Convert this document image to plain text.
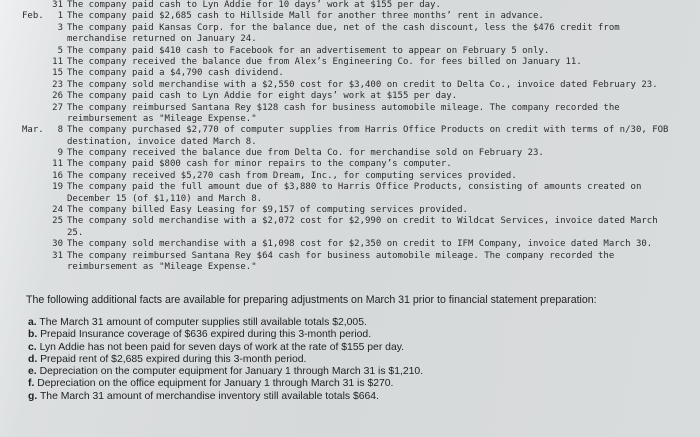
31 The company paid cash to Lyn Addie for 10 days’ work at $155 per day.
Feb.	1 The company paid $2,685 cash to Hillside Mall for another three months’ rent in advance.
3 The company paid Kansas Corp. for the balance due, net of the cash discount, less the $476 credit from
merchandise returned on January 24.
5 The company paid $410 cash to Facebook for an advertisement to appear on February 5 only.
11 The company received the balance due from Alex’s Engineering Co. for fees billed on January 11.
15 The company paid a $4,790 cash dividend.
23 The company sold merchandise with a $2,550 cost for $3,400 on credit to Delta Co., invoice dated February 23.
26 The company paid cash to Lyn Addie for eight days’ work at $155 per day.
27 The company reimbursed Santana Rey $128 cash for business automobile mileage. The company recorded the
reimbursement as "Mileage Expense."
Mar.	8 The company purchased $2,770 of computer supplies from Harris Office Products on credit with terms of n/30, FOB
destination, invoice dated March 8.
9 The company received the balance due from Delta Co. for merchandise sold on February 23.
11 The company paid $800 cash for minor repairs to the company’s computer.
16 The company received $5,270 cash from Dream, Inc., for computing services provided.
19 The company paid the full amount due of $3,880 to Harris Office Products, consisting of amounts created on
December 15 (of $1,110) and March 8.
24 The company billed Easy Leasing for $9,157 of computing services provided.
25 The company sold merchandise with a $2,072 cost for $2,990 on credit to Wildcat Services, invoice dated March
25.
30 The company sold merchandise with a $1,098 cost for $2,350 on credit to IFM Company, invoice dated March 30.
31 The company reimbursed Santana Rey $64 cash for business automobile mileage. The company recorded the
reimbursement as "Mileage Expense."
The following additional facts are available for preparing adjustments on March 31 prior to financial statement preparation:
a. The March 31 amount of computer supplies still available totals $2,005.
b. Prepaid Insurance coverage of $636 expired during this 3-month period.
c. Lyn Addie has not been paid for seven days of work at the rate of $155 per day.
d. Prepaid rent of $2,685 expired during this 3-month period.
e. Depreciation on the computer equipment for January 1 through March 31 is $1,210.
f. Depreciation on the office equipment for January 1 through March 31 is $270.
g. The March 31 amount of merchandise inventory still available totals $664.
